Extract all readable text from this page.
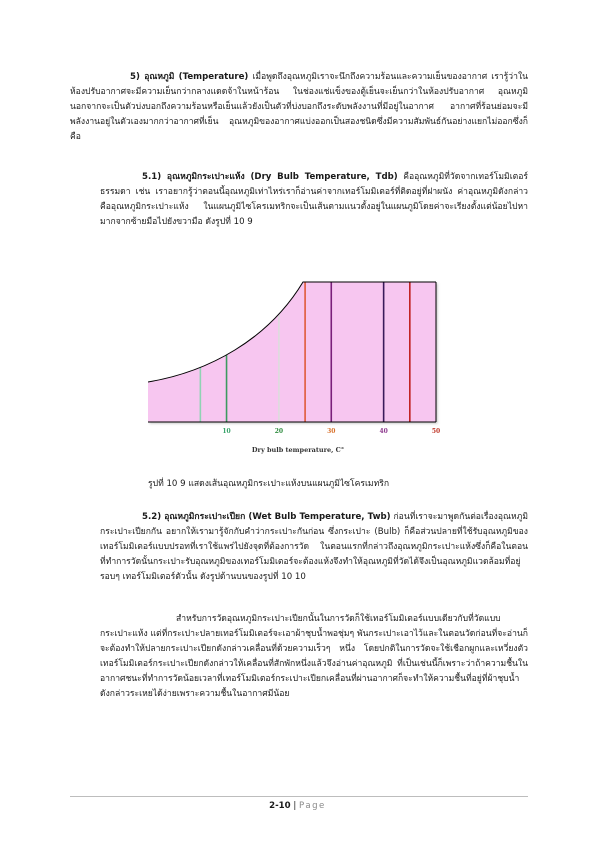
5) อุณหภูมิ (Temperature) เมื่อพูดถึงอุณหภูมิเราจะนึกถึงความร้อนและความเย็นของอากาศ เรารู้ว่าในห้องปรับอากาศจะมีความเย็นกว่ากลางแดดจ้าในหน้าร้อน ในช่องแช่แข็งของตู้เย็นจะเย็นกว่าในห้องปรับอากาศ อุณหภูมินอกจากจะเป็นตัวบ่งบอกถึงความร้อนหรือเย็นแล้วยังเป็นตัวที่บ่งบอกถึงระดับพลังงานที่มีอยู่ในอากาศ อากาศที่ร้อนย่อมจะมีพลังงานอยู่ในตัวเองมากกว่าอากาศที่เย็น อุณหภูมิของอากาศแบ่งออกเป็นสองชนิดซึ่งมีความสัมพันธ์กันอย่างแยกไม่ออกซึ่งก็คือ

5.1) อุณหภูมิกระเปาะแห้ง (Dry Bulb Temperature, Tdb) คืออุณหภูมิที่วัดจากเทอร์โมมิเตอร์ธรรมดา เช่น เราอยากรู้ว่าตอนนี้อุณหภูมิเท่าไหร่เราก็อ่านค่าจากเทอร์โมมิเตอร์ที่ติดอยู่ที่ฝาผนัง ค่าอุณหภูมิดังกล่าวคืออุณหภูมิกระเปาะแห้ง ในแผนภูมิไซโครเมทริกจะเป็นเส้นตามแนวตั้งอยู่ในแผนภูมิโดยค่าจะเรียงตั้งแต่น้อยไปหามากจากซ้ายมือไปยังขวามือ ดังรูปที่ 10 9

10	20	30	40	50
Dry bulb temperature, C°
รูปที่ 10 9 แสดงเส้นอุณหภูมิกระเปาะแห้งบนแผนภูมิไซโครเมทริก

5.2) อุณหภูมิกระเปาะเปียก (Wet Bulb Temperature, Twb) ก่อนที่เราจะมาพูดกันต่อเรื่องอุณหภูมิกระเปาะเปียกกัน อยากให้เรามารู้จักกับคำว่ากระเปาะกันก่อน ซึ่งกระเปาะ (Bulb) ก็คือส่วนปลายที่ใช้รับอุณหภูมิของเทอร์โมมิเตอร์แบบปรอทที่เราใช้แพร่ไปยังจุดที่ต้องการวัด ในตอนแรกที่กล่าวถึงอุณหภูมิกระเปาะแห้งซึ่งก็คือในตอนที่ทำการวัดนั้นกระเปาะรับอุณหภูมิของเทอร์โมมิเตอร์จะต้องแห้งจึงทำให้อุณหภูมิที่วัดได้จึงเป็นอุณหภูมิแวดล้อมที่อยู่รอบๆ เทอร์โมมิเตอร์ตัวนั้น ดังรูปด้านบนของรูปที่ 10 10

สำหรับการวัดอุณหภูมิกระเปาะเปียกนั้นในการวัดก็ใช้เทอร์โมมิเตอร์แบบเดียวกับที่วัดแบบกระเปาะแห้ง แต่ที่กระเปาะปลายเทอร์โมมิเตอร์จะเอาผ้าชุบน้ำพอชุ่มๆ พันกระเปาะเอาไว้และในตอนวัดก่อนที่จะอ่านก็จะต้องทำให้ปลายกระเปาะเปียกดังกล่าวเคลื่อนที่ด้วยความเร็วๆ หนึ่ง โดยปกติในการวัดจะใช้เชือกผูกและเหวี่ยงตัวเทอร์โมมิเตอร์กระเปาะเปียกดังกล่าวให้เคลื่อนที่สักพักหนึ่งแล้วจึงอ่านค่าอุณหภูมิ ที่เป็นเช่นนี้ก็เพราะว่าถ้าความชื้นในอากาศชนะที่ทำการวัดน้อยเวลาที่เทอร์โมมิเตอร์กระเปาะเปียกเคลื่อนที่ผ่านอากาศก็จะทำให้ความชื้นที่อยู่ที่ผ้าชุบน้ำดังกล่าวระเหยได้ง่ายเพราะความชื้นในอากาศมีน้อย

2-10 | Page
